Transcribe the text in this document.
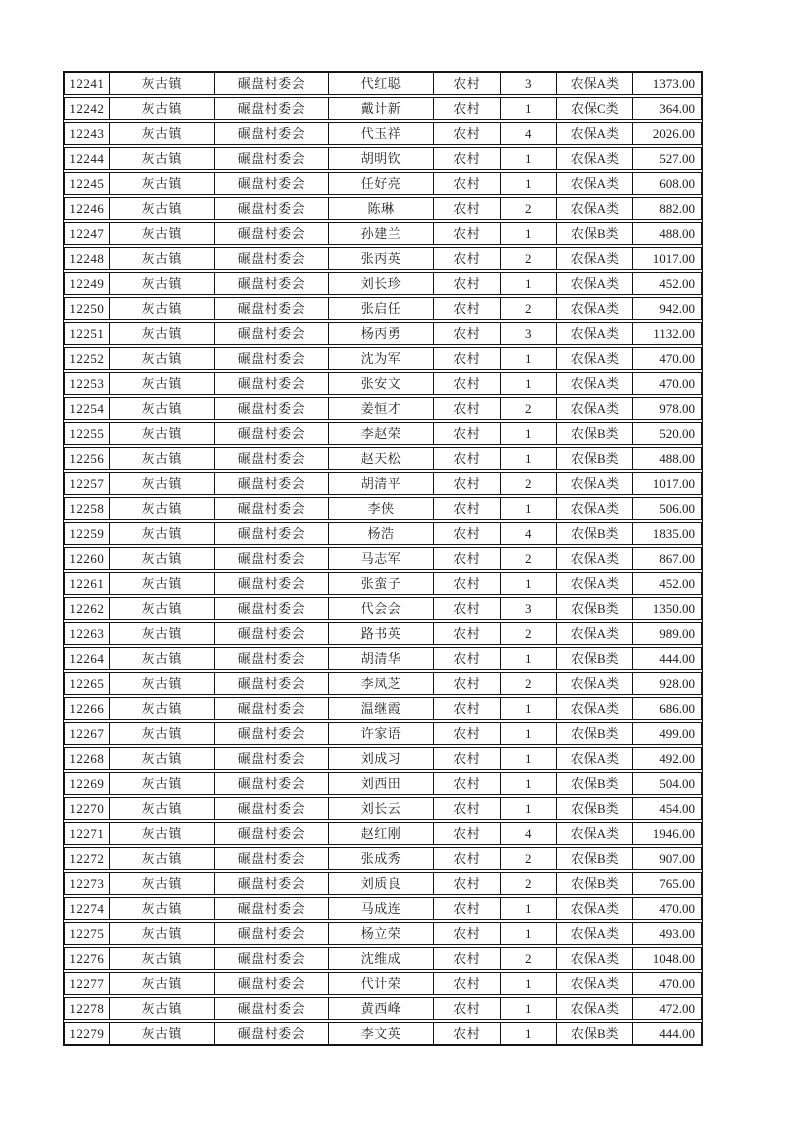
12241	灰古镇	碾盘村委会	代红聪	农村	3	农保A类	1373.00
12242	灰古镇	碾盘村委会	戴计新	农村	1	农保C类	364.00
12243	灰古镇	碾盘村委会	代玉祥	农村	4	农保A类	2026.00
12244	灰古镇	碾盘村委会	胡明钦	农村	1	农保A类	527.00
12245	灰古镇	碾盘村委会	任好亮	农村	1	农保A类	608.00
12246	灰古镇	碾盘村委会	陈琳	农村	2	农保A类	882.00
12247	灰古镇	碾盘村委会	孙建兰	农村	1	农保B类	488.00
12248	灰古镇	碾盘村委会	张丙英	农村	2	农保A类	1017.00
12249	灰古镇	碾盘村委会	刘长珍	农村	1	农保A类	452.00
12250	灰古镇	碾盘村委会	张启任	农村	2	农保A类	942.00
12251	灰古镇	碾盘村委会	杨丙勇	农村	3	农保A类	1132.00
12252	灰古镇	碾盘村委会	沈为军	农村	1	农保A类	470.00
12253	灰古镇	碾盘村委会	张安文	农村	1	农保A类	470.00
12254	灰古镇	碾盘村委会	姜恒才	农村	2	农保A类	978.00
12255	灰古镇	碾盘村委会	李赵荣	农村	1	农保B类	520.00
12256	灰古镇	碾盘村委会	赵天松	农村	1	农保B类	488.00
12257	灰古镇	碾盘村委会	胡清平	农村	2	农保A类	1017.00
12258	灰古镇	碾盘村委会	李侠	农村	1	农保A类	506.00
12259	灰古镇	碾盘村委会	杨浩	农村	4	农保B类	1835.00
12260	灰古镇	碾盘村委会	马志军	农村	2	农保A类	867.00
12261	灰古镇	碾盘村委会	张蛮子	农村	1	农保A类	452.00
12262	灰古镇	碾盘村委会	代会会	农村	3	农保B类	1350.00
12263	灰古镇	碾盘村委会	路书英	农村	2	农保A类	989.00
12264	灰古镇	碾盘村委会	胡清华	农村	1	农保B类	444.00
12265	灰古镇	碾盘村委会	李凤芝	农村	2	农保A类	928.00
12266	灰古镇	碾盘村委会	温继霞	农村	1	农保A类	686.00
12267	灰古镇	碾盘村委会	许家语	农村	1	农保B类	499.00
12268	灰古镇	碾盘村委会	刘成习	农村	1	农保A类	492.00
12269	灰古镇	碾盘村委会	刘西田	农村	1	农保B类	504.00
12270	灰古镇	碾盘村委会	刘长云	农村	1	农保B类	454.00
12271	灰古镇	碾盘村委会	赵红刚	农村	4	农保A类	1946.00
12272	灰古镇	碾盘村委会	张成秀	农村	2	农保B类	907.00
12273	灰古镇	碾盘村委会	刘质良	农村	2	农保B类	765.00
12274	灰古镇	碾盘村委会	马成连	农村	1	农保A类	470.00
12275	灰古镇	碾盘村委会	杨立荣	农村	1	农保A类	493.00
12276	灰古镇	碾盘村委会	沈维成	农村	2	农保A类	1048.00
12277	灰古镇	碾盘村委会	代计荣	农村	1	农保A类	470.00
12278	灰古镇	碾盘村委会	黄西峰	农村	1	农保A类	472.00
12279	灰古镇	碾盘村委会	李文英	农村	1	农保B类	444.00
